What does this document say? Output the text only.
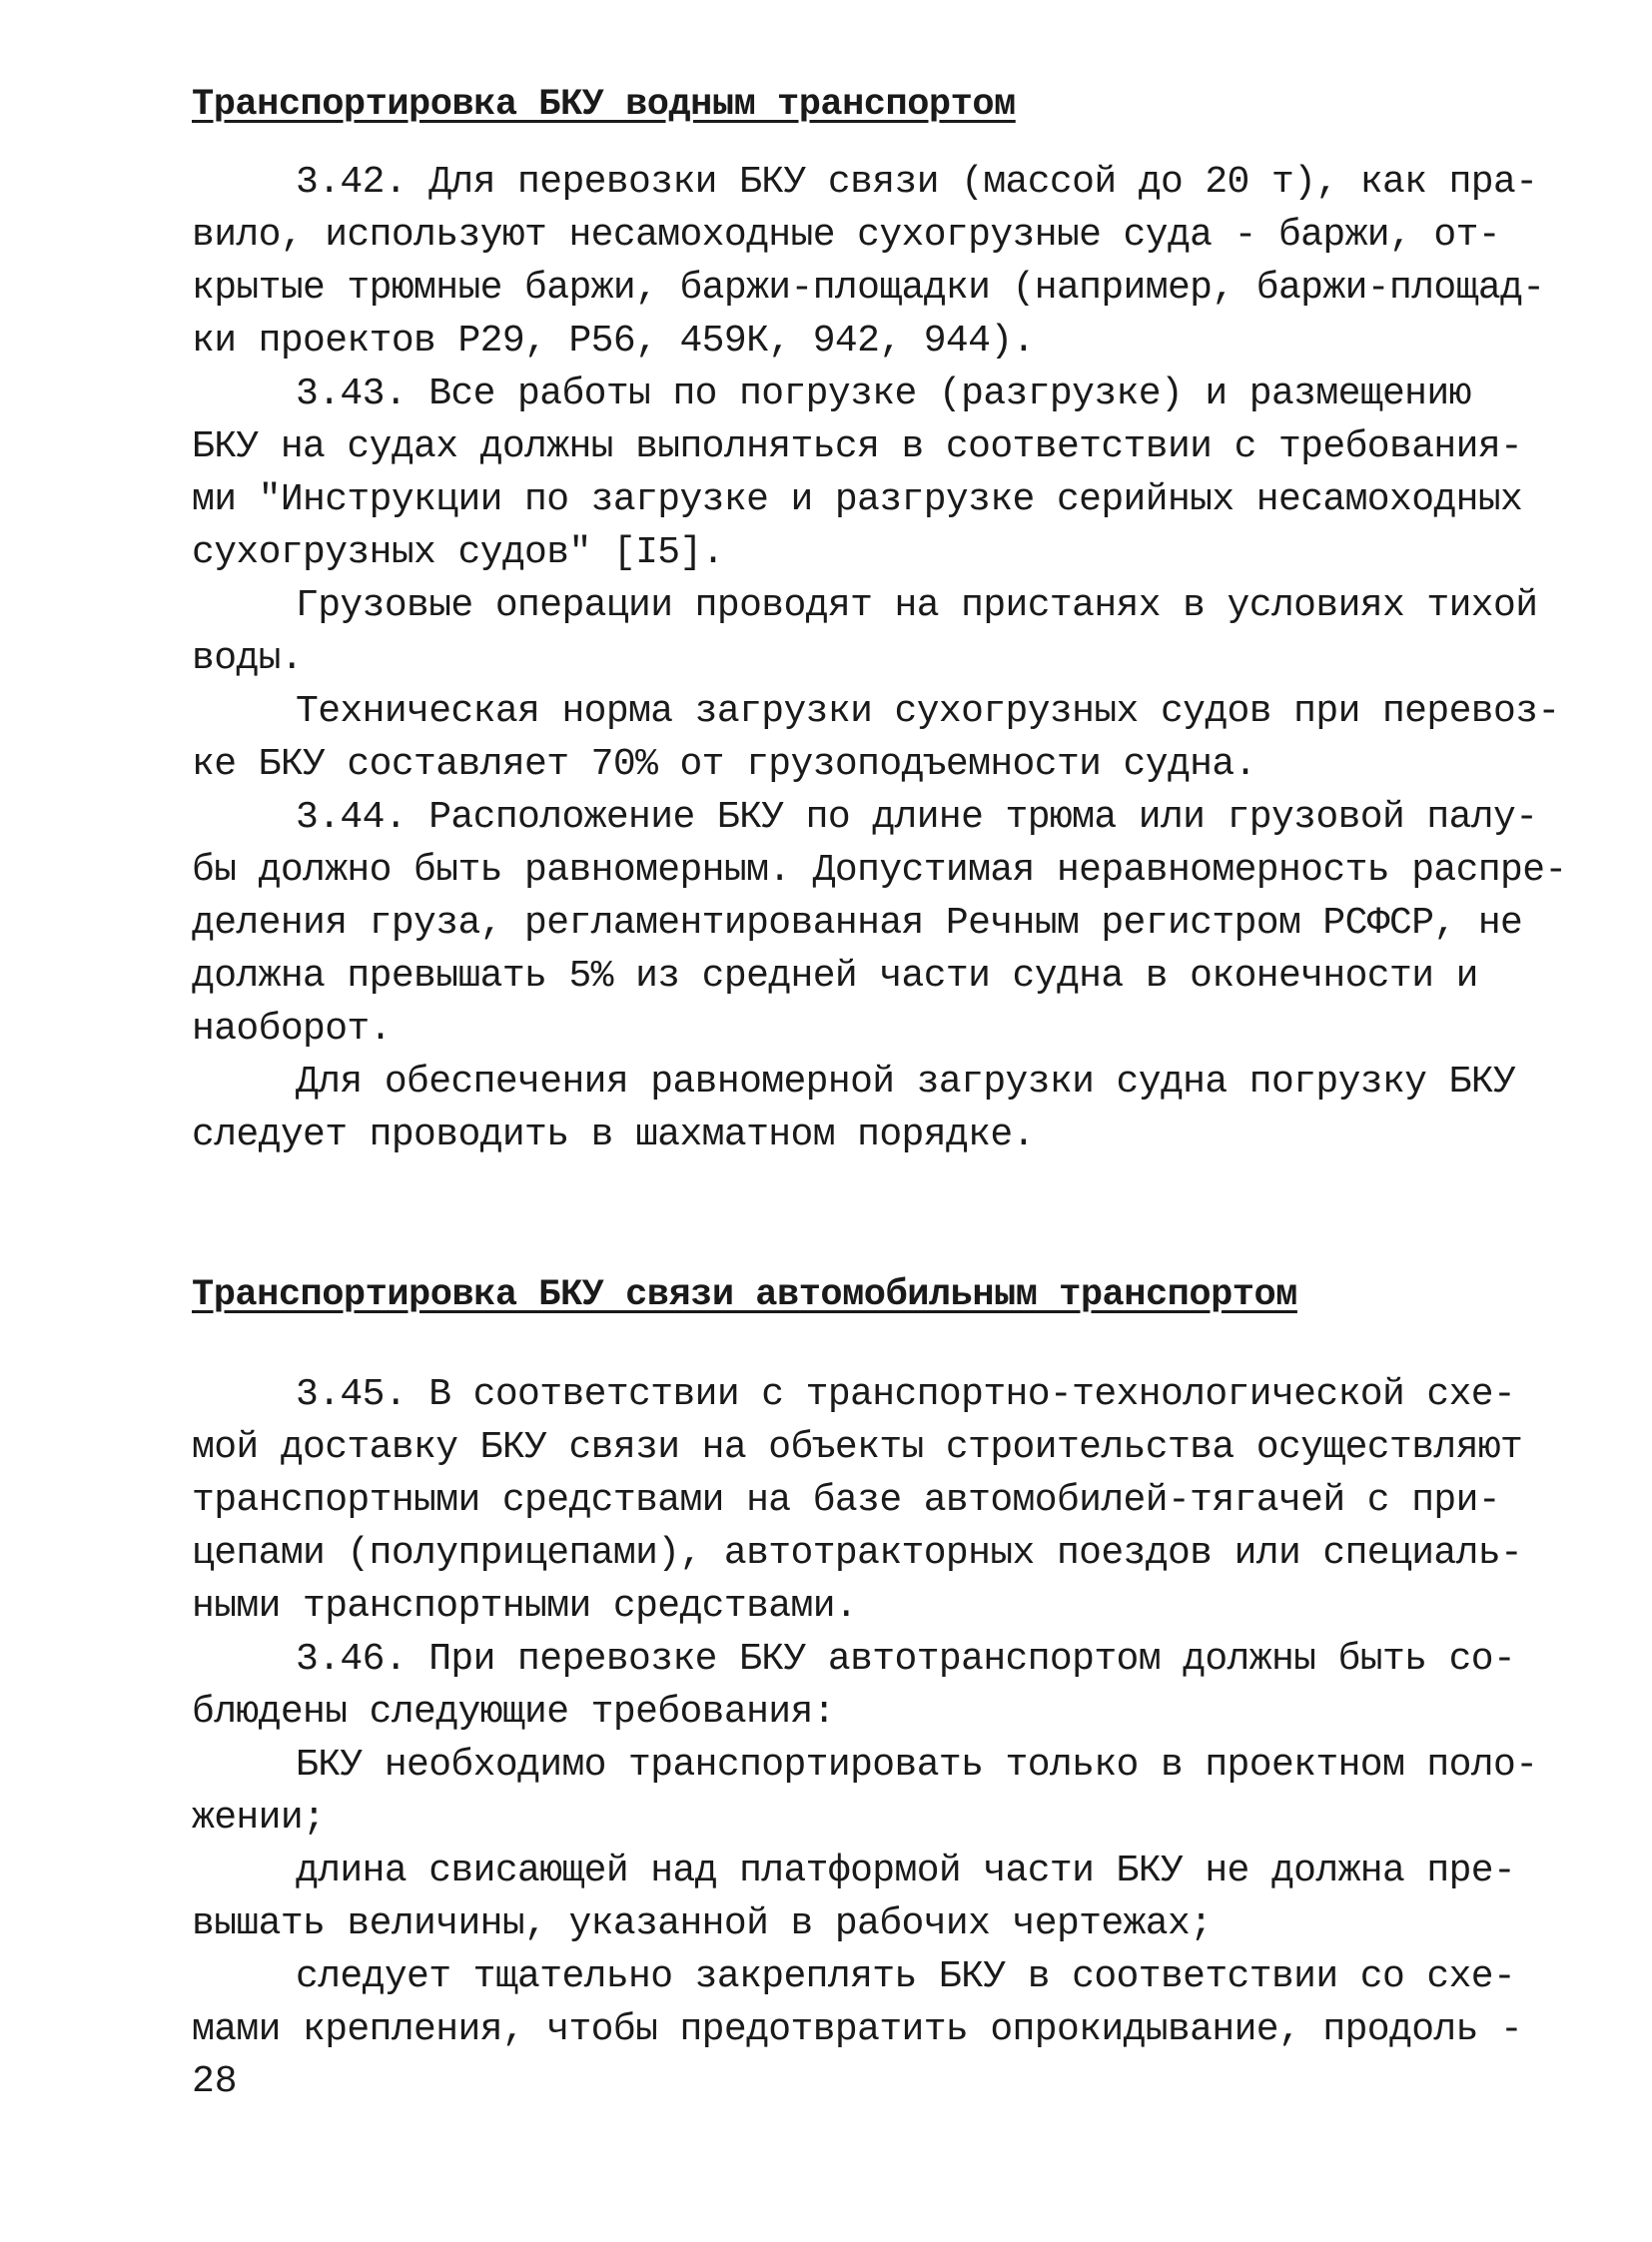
Транспортировка БКУ водным транспортом
3.42. Для перевозки БКУ связи (массой до 20 т), как пра-
вило, используют несамоходные сухогрузные суда - баржи, от-
крытые трюмные баржи, баржи-площадки (например, баржи-площад-
ки проектов Р29, Р56, 459К, 942, 944).
3.43. Все работы по погрузке (разгрузке) и размещению
БКУ на судах должны выполняться в соответствии с требования-
ми "Инструкции по загрузке и разгрузке серийных несамоходных
сухогрузных судов" [I5].
Грузовые операции проводят на пристанях в условиях тихой
воды.
Техническая норма загрузки сухогрузных судов при перевоз-
ке БКУ составляет 70% от грузоподъемности судна.
3.44. Расположение БКУ по длине трюма или грузовой палу-
бы должно быть равномерным. Допустимая неравномерность распре-
деления груза, регламентированная Речным регистром РСФСР, не
должна превышать 5% из средней части судна в оконечности и
наоборот.
Для обеспечения равномерной загрузки судна погрузку БКУ
следует проводить в шахматном порядке.
Транспортировка БКУ связи автомобильным транспортом
3.45. В соответствии с транспортно-технологической схе-
мой доставку БКУ связи на объекты строительства осуществляют
транспортными средствами на базе автомобилей-тягачей с при-
цепами (полуприцепами), автотракторных поездов или специаль-
ными транспортными средствами.
3.46. При перевозке БКУ автотранспортом должны быть со-
блюдены следующие требования:
БКУ необходимо транспортировать только в проектном поло-
жении;
длина свисающей над платформой части БКУ не должна пре-
вышать величины, указанной в рабочих чертежах;
следует тщательно закреплять БКУ в соответствии со схе-
мами крепления, чтобы предотвратить опрокидывание, продоль -
28
